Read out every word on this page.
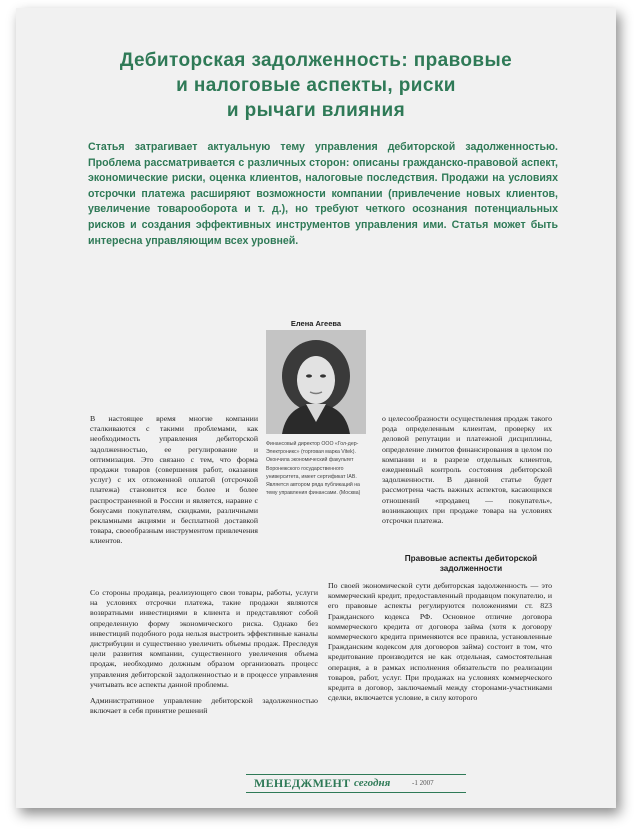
Дебиторская задолженность: правовые
и налоговые аспекты, риски
и рычаги влияния
Статья затрагивает актуальную тему управления дебиторской задолженностью. Проблема рассматривается с различных сторон: описаны гражданско-правовой аспект, экономические риски, оценка клиентов, налоговые последствия. Продажи на условиях отсрочки платежа расширяют возможности компании (привлечение новых клиентов, увеличение товарооборота и т. д.), но требуют четкого осознания потенциальных рисков и создания эффективных инструментов управления ими. Статья может быть интересна управляющим всех уровней.
Елена Агеева
Финансовый директор ООО «Гол-дер-Электроникс» (торговая марка Vitek). Окончила экономический факультет Воронежского государственного университета, имеет сертификат IAB. Является автором ряда публикаций на тему управления финансами. (Москва)

В настоящее время многие компании сталкиваются с такими проблемами, как необходимость управления дебиторской задолженностью, ее регулирование и оптимизация. Это связано с тем, что форма продажи товаров (совершения работ, оказания услуг) с их отложенной оплатой (отсрочкой платежа) становится все более и более распространенной в России и является, наравне с бонусами покупателям, скидками, различными рекламными акциями и бесплатной доставкой товара, своеобразным инструментом привлечения клиентов.

Со стороны продавца, реализующего свои товары, работы, услуги на условиях отсрочки платежа, такие продажи являются возвратными инвестициями в клиента и представляют собой определенную форму экономического риска. Однако без инвестиций подобного рода нельзя выстроить эффективные каналы дистрибуции и существенно увеличить объемы продаж. Преследуя цели развития компании, существенного увеличения объема продаж, необходимо должным образом организовать процесс управления дебиторской задолженностью и в процессе управления учитывать все аспекты данной проблемы.

Административное управление дебиторской задолженностью включает в себя принятие решений

о целесообразности осуществления продаж такого рода определенным клиентам, проверку их деловой репутации и платежной дисциплины, определение лимитов финансирования в целом по компании и в разрезе отдельных клиентов, ежедневный контроль состояния дебиторской задолженности. В данной статье будет рассмотрена часть важных аспектов, касающихся отношений «продавец — покупатель», возникающих при продаже товара на условиях отсрочки платежа.

Правовые аспекты дебиторской задолженности

По своей экономической сути дебиторская задолженность — это коммерческий кредит, предоставленный продавцом покупателю, и его правовые аспекты регулируются положениями ст. 823 Гражданского кодекса РФ. Основное отличие договора коммерческого кредита от договора займа (хотя к договору коммерческого кредита применяются все правила, установленные Гражданским кодексом для договоров займа) состоит в том, что кредитование производится не как отдельная, самостоятельная операция, а в рамках исполнения обязательств по реализации товаров, работ, услуг. При продажах на условиях коммерческого кредита в договор, заключаемый между сторонами-участниками сделки, включается условие, в силу которого

МЕНЕДЖМЕНТ сегодня	-1 2007
